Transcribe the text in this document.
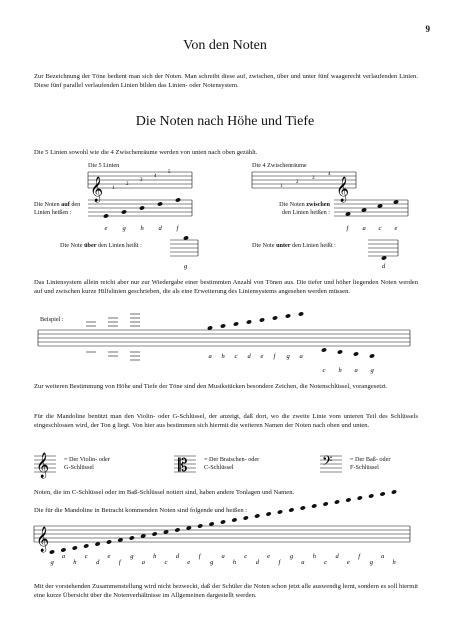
9
Von den Noten
Zur Bezeichnung der Töne bedient man sich der Noten. Man schreibt diese auf, zwischen, über und unter fünf waagerecht verlaufenden Linien. Diese fünf parallel verlaufenden Linien bilden das Linien- oder Notensystem.
Die Noten nach Höhe und Tiefe
Die 5 Linien sowohl wie die 4 Zwischenräume werden von unten nach oben gezählt.
Die 5 Linien	Die 4 Zwischenräume
𝄞	𝄡	𝄢
𝄞	𝄞
𝄞
1
2
3
4
5
1
2
3
4
e g h d f	f a c e
g	d
a h c d e f g a
c h a g
g
a
h
c
d
e
f
g
a
h
c
d
e
f
g
a
h
c
d
e
f
g
a
h
c
d
e
f
g
a
h
Die Noten auf den
Linien heißen :
Die Noten zwischen
den Linien heißen :
Die Note über den Linien heißt :	Die Note unter den Linien heißt :
Das Liniensystem allein reicht aber nur zur Wiedergabe einer bestimmten Anzahl von Tönen aus. Die tiefer und höher liegenden Noten werden auf und zwischen kurze Hilfslinien geschrieben, die als eine Erweiterung des Liniensystems angesehen werden müssen.
Beispiel :
Zur weiteren Bestimmung von Höhe und Tiefe der Töne sind den Musikstücken besondere Zeichen, die Notenschlüssel, vorangesetzt.
Für die Mandoline benützt man den Violin- oder G-Schlüssel, der anzeigt, daß dort, wo die zweite Linie vom unteren Teil des Schlüssels eingeschlossen wird, der Ton g liegt. Von hier aus bestimmen sich hiermit die weiteren Namen der Noten nach oben und unten.
= Der Violin- oder
G-Schlüssel
= Der Bratschen- oder
C-Schlüssel
= Der Baß- oder
F-Schlüssel
Noten, die im C-Schlüssel oder im Baß-Schlüssel notiert sind, haben andere Tonlagen und Namen.
Die für die Mandoline in Betracht kommenden Noten sind folgende und heißen :
Mit der vorstehenden Zusammenstellung wird nicht bezweckt, daß der Schüler die Noten schon jetzt alle auswendig lernt, sondern es soll hiermit eine kurze Übersicht über die Notenverhältnisse im Allgemeinen dargestellt werden.
